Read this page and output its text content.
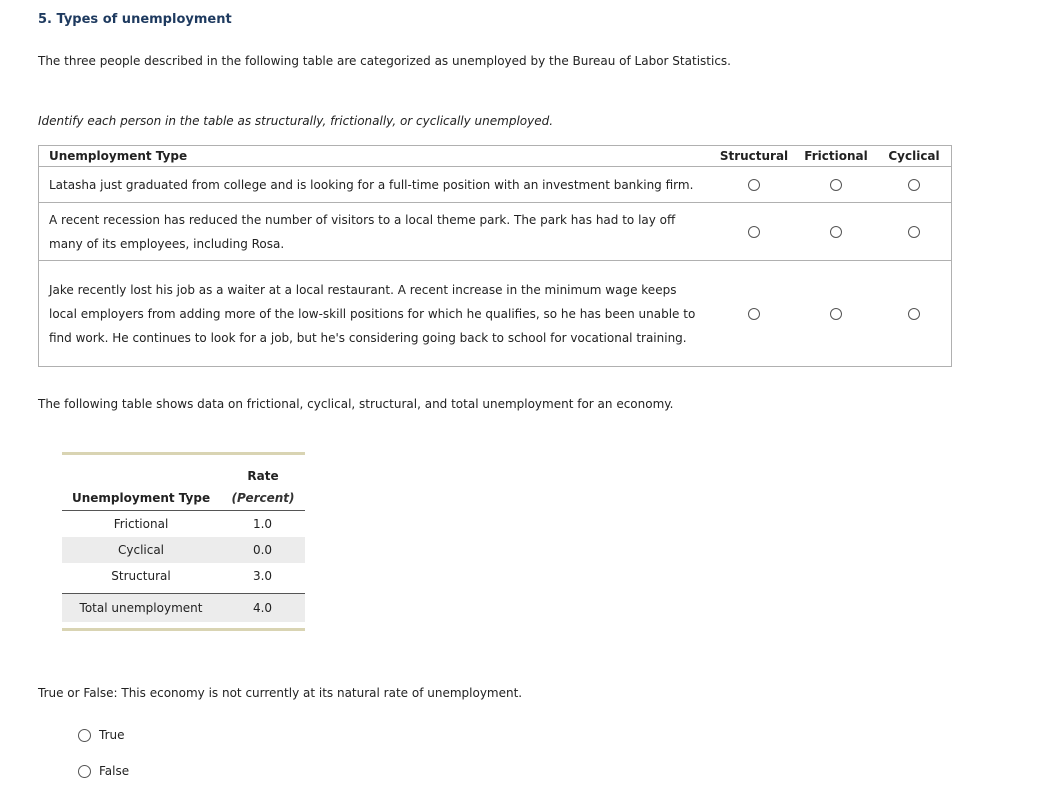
5. Types of unemployment
The three people described in the following table are categorized as unemployed by the Bureau of Labor Statistics.
Identify each person in the table as structurally, frictionally, or cyclically unemployed.
Unemployment Type	Structural	Frictional	Cyclical
Latasha just graduated from college and is looking for a full-time position with an investment banking firm.			
A recent recession has reduced the number of visitors to a local theme park. The park has had to lay off many of its employees, including Rosa.			
Jake recently lost his job as a waiter at a local restaurant. A recent increase in the minimum wage keeps local employers from adding more of the low-skill positions for which he qualifies, so he has been unable to find work. He continues to look for a job, but he's considering going back to school for vocational training.			
The following table shows data on frictional, cyclical, structural, and total unemployment for an economy.
Unemployment Type
Rate
(Percent)
Frictional	1.0
Cyclical	0.0
Structural	3.0
Total unemployment	4.0
True or False: This economy is not currently at its natural rate of unemployment.
True
False
